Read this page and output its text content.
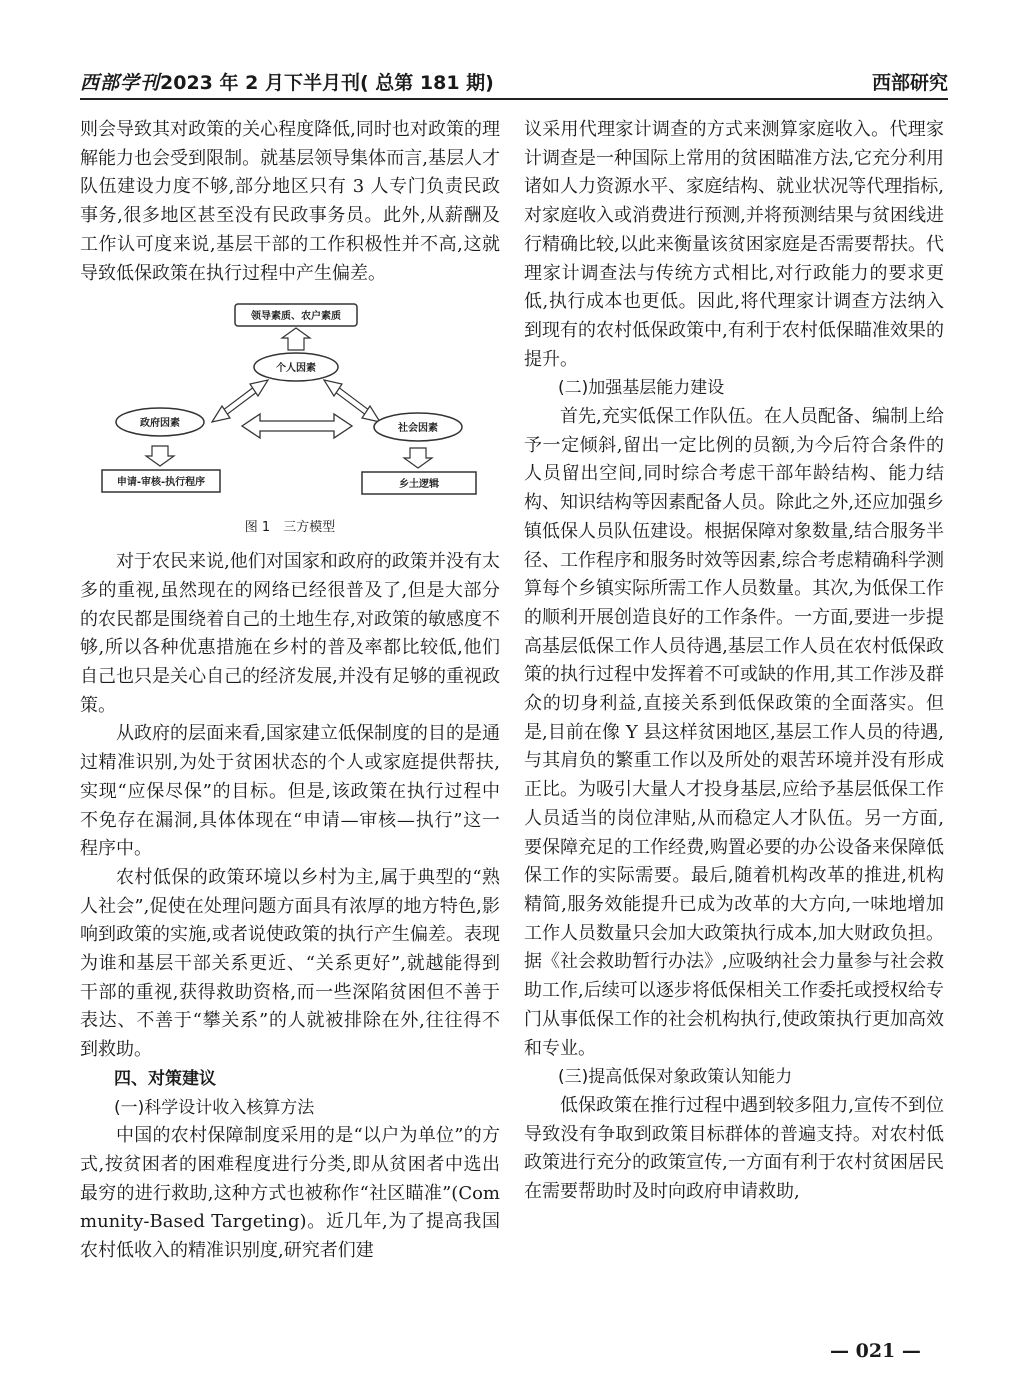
西部学刊2023 年 2 月下半月刊( 总第 181 期)	西部研究

则会导致其对政策的关心程度降低,同时也对政策的理解能力也会受到限制。就基层领导集体而言,基层人才队伍建设力度不够,部分地区只有 3 人专门负责民政事务,很多地区甚至没有民政事务员。此外,从薪酬及工作认可度来说,基层干部的工作积极性并不高,这就导致低保政策在执行过程中产生偏差。

领导素质、农户素质
个人因素
政府因素	社会因素
申请-审核-执行程序	乡土逻辑
图 1　三方模型

对于农民来说,他们对国家和政府的政策并没有太多的重视,虽然现在的网络已经很普及了,但是大部分的农民都是围绕着自己的土地生存,对政策的敏感度不够,所以各种优惠措施在乡村的普及率都比较低,他们自己也只是关心自己的经济发展,并没有足够的重视政策。

从政府的层面来看,国家建立低保制度的目的是通过精准识别,为处于贫困状态的个人或家庭提供帮扶,实现“应保尽保”的目标。但是,该政策在执行过程中不免存在漏洞,具体体现在“申请—审核—执行”这一程序中。

农村低保的政策环境以乡村为主,属于典型的“熟人社会”,促使在处理问题方面具有浓厚的地方特色,影响到政策的实施,或者说使政策的执行产生偏差。表现为谁和基层干部关系更近、“关系更好”,就越能得到干部的重视,获得救助资格,而一些深陷贫困但不善于表达、不善于“攀关系”的人就被排除在外,往往得不到救助。

四、对策建议

(一)科学设计收入核算方法

中国的农村保障制度采用的是“以户为单位”的方式,按贫困者的困难程度进行分类,即从贫困者中选出最穷的进行救助,这种方式也被称作“社区瞄准”(Community-Based Targeting)。近几年,为了提高我国农村低收入的精准识别度,研究者们建

议采用代理家计调查的方式来测算家庭收入。代理家计调查是一种国际上常用的贫困瞄准方法,它充分利用诸如人力资源水平、家庭结构、就业状况等代理指标,对家庭收入或消费进行预测,并将预测结果与贫困线进行精确比较,以此来衡量该贫困家庭是否需要帮扶。代理家计调查法与传统方式相比,对行政能力的要求更低,执行成本也更低。因此,将代理家计调查方法纳入到现有的农村低保政策中,有利于农村低保瞄准效果的提升。

(二)加强基层能力建设

首先,充实低保工作队伍。在人员配备、编制上给予一定倾斜,留出一定比例的员额,为今后符合条件的人员留出空间,同时综合考虑干部年龄结构、能力结构、知识结构等因素配备人员。除此之外,还应加强乡镇低保人员队伍建设。根据保障对象数量,结合服务半径、工作程序和服务时效等因素,综合考虑精确科学测算每个乡镇实际所需工作人员数量。其次,为低保工作的顺利开展创造良好的工作条件。一方面,要进一步提高基层低保工作人员待遇,基层工作人员在农村低保政策的执行过程中发挥着不可或缺的作用,其工作涉及群众的切身利益,直接关系到低保政策的全面落实。但是,目前在像 Y 县这样贫困地区,基层工作人员的待遇,与其肩负的繁重工作以及所处的艰苦环境并没有形成正比。为吸引大量人才投身基层,应给予基层低保工作人员适当的岗位津贴,从而稳定人才队伍。另一方面,要保障充足的工作经费,购置必要的办公设备来保障低保工作的实际需要。最后,随着机构改革的推进,机构精简,服务效能提升已成为改革的大方向,一味地增加工作人员数量只会加大政策执行成本,加大财政负担。据《社会救助暂行办法》,应吸纳社会力量参与社会救助工作,后续可以逐步将低保相关工作委托或授权给专门从事低保工作的社会机构执行,使政策执行更加高效和专业。

(三)提高低保对象政策认知能力

低保政策在推行过程中遇到较多阻力,宣传不到位导致没有争取到政策目标群体的普遍支持。对农村低政策进行充分的政策宣传,一方面有利于农村贫困居民在需要帮助时及时向政府申请救助,

— 021 —
